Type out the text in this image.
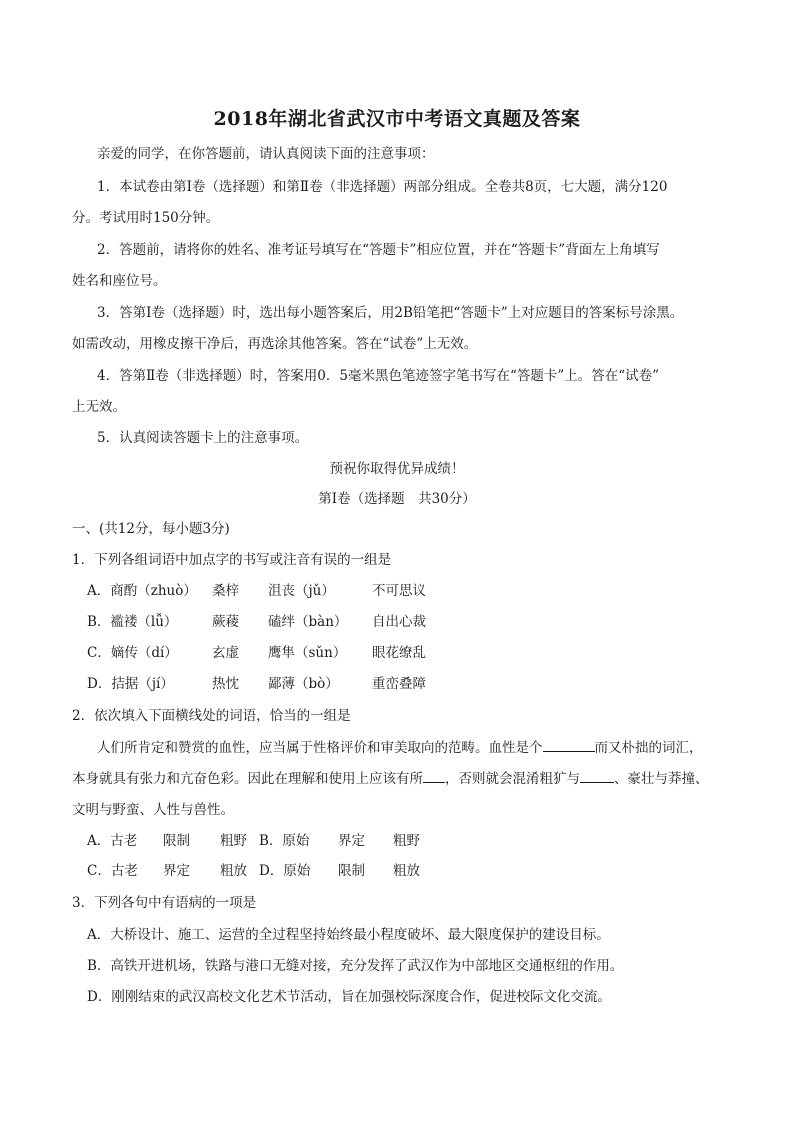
2018年湖北省武汉市中考语文真题及答案
亲爱的同学，在你答题前，请认真阅读下面的注意事项：
1．本试卷由第Ⅰ卷（选择题）和第Ⅱ卷（非选择题）两部分组成。全卷共8页，七大题，满分120
分。考试用时150分钟。
2．答题前，请将你的姓名、准考证号填写在“答题卡”相应位置，并在“答题卡”背面左上角填写
姓名和座位号。
3．答第Ⅰ卷（选择题）时，选出每小题答案后，用2B铅笔把“答题卡”上对应题目的答案标号涂黑。
如需改动，用橡皮擦干净后，再选涂其他答案。答在“试卷”上无效。
4．答第Ⅱ卷（非选择题）时，答案用0．5毫米黑色笔迹签字笔书写在“答题卡”上。答在“试卷”
上无效。
5．认真阅读答题卡上的注意事项。
预祝你取得优异成绩！
第Ⅰ卷（选择题　共30分）
一、(共12分，每小题3分)
1．下列各组词语中加点字的书写或注音有误的一组是
A．商酌（zhuò） 桑梓 沮丧（jǔ）	不可思议
B．褴褛（lǚ）	蕨薐 磕绊（bàn） 自出心裁
C．嫡传（dí）	玄虚 鹰隼（sǔn） 眼花缭乱
D．拮据（jí）	热忱 鄙薄（bò） 重峦叠障
2．依次填入下面横线处的词语，恰当的一组是
人们所肯定和赞赏的血性，应当属于性格评价和审美取向的范畴。血性是个	而又朴拙的词汇，
本身就具有张力和亢奋色彩。因此在理解和使用上应该有所 ，否则就会混淆粗犷与	、豪壮与莽撞、
文明与野蛮、人性与兽性。
A．古老 限制 粗野 B．原始 界定 粗野
C．古老 界定 粗放 D．原始 限制 粗放
3．下列各句中有语病的一项是
A．大桥设计、施工、运营的全过程坚持始终最小程度破坏、最大限度保护的建设目标。
B．高铁开进机场，铁路与港口无缝对接，充分发挥了武汉作为中部地区交通枢纽的作用。
D．刚刚结束的武汉高校文化艺术节活动，旨在加强校际深度合作，促进校际文化交流。
